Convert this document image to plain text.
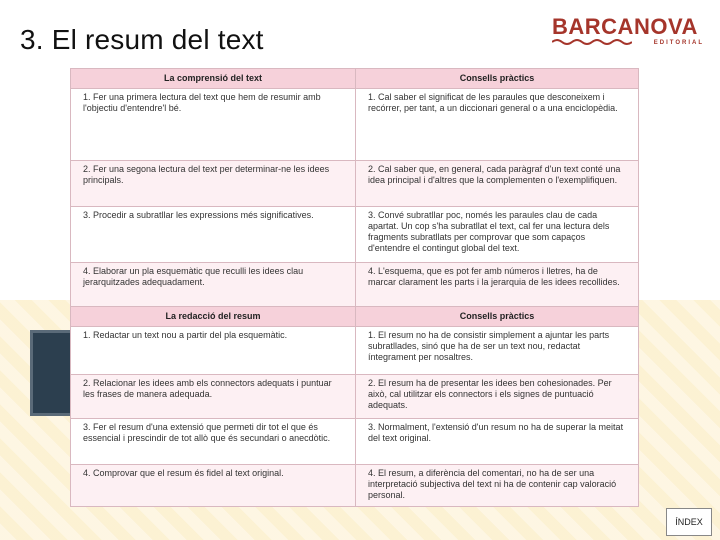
3. El resum del text	BARCANOVA
EDITORIAL
La comprensió del text	Consells pràctics
1. Fer una primera lectura del text que hem de resumir amb l'objectiu d'entendre'l bé.	1. Cal saber el significat de les paraules que desconeixem i recórrer, per tant, a un diccionari general o a una enciclopèdia.
2. Fer una segona lectura del text per determinar-ne les idees principals.	2. Cal saber que, en general, cada paràgraf d'un text conté una idea principal i d'altres que la complementen o l'exemplifiquen.
3. Procedir a subratllar les expressions més significatives.	3. Convé subratllar poc, només les paraules clau de cada apartat. Un cop s'ha subratllat el text, cal fer una lectura dels fragments subratllats per comprovar que som capaços d'entendre el contingut global del text.
4. Elaborar un pla esquemàtic que reculli les idees clau jerarquitzades adequadament.	4. L'esquema, que es pot fer amb números i lletres, ha de marcar clarament les parts i la jerarquia de les idees recollides.
La redacció del resum	Consells pràctics
1. Redactar un text nou a partir del pla esquemàtic.	1. El resum no ha de consistir simplement a ajuntar les parts subratllades, sinó que ha de ser un text nou, redactat íntegrament per nosaltres.
2. Relacionar les idees amb els connectors adequats i puntuar les frases de manera adequada.	2. El resum ha de presentar les idees ben cohesionades. Per això, cal utilitzar els connectors i els signes de puntuació adequats.
3. Fer el resum d'una extensió que permeti dir tot el que és essencial i prescindir de tot allò que és secundari o anecdòtic.	3. Normalment, l'extensió d'un resum no ha de superar la meitat del text original.
4. Comprovar que el resum és fidel al text original.	4. El resum, a diferència del comentari, no ha de ser una interpretació subjectiva del text ni ha de contenir cap valoració personal.
ÍNDEX
